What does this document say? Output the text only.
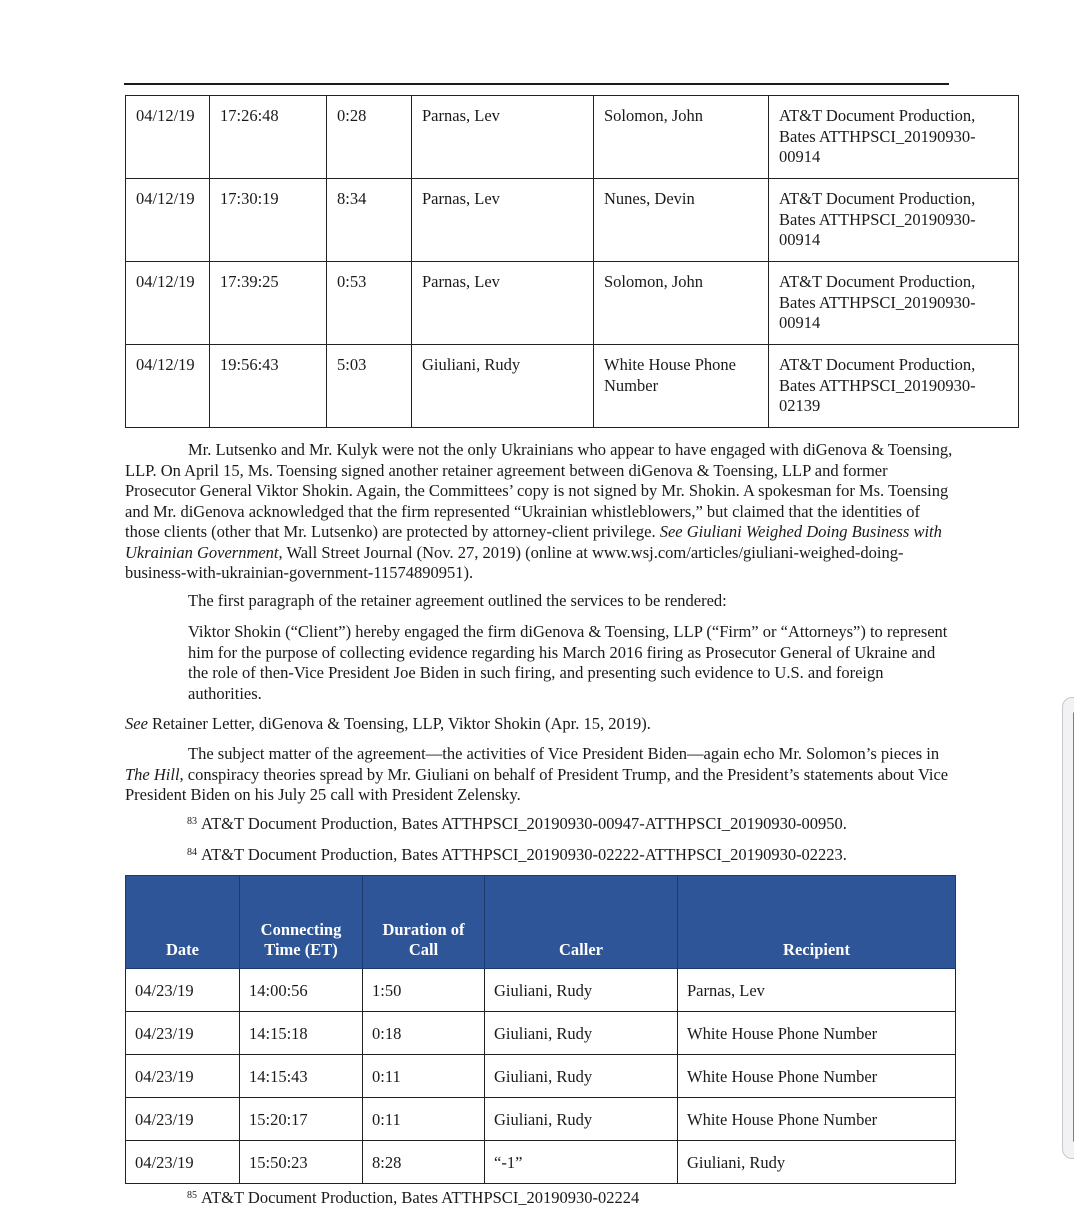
04/12/19	17:26:48	0:28	Parnas, Lev	Solomon, John	AT&T Document Production, Bates ATTHPSCI_20190930-00914
04/12/19	17:30:19	8:34	Parnas, Lev	Nunes, Devin	AT&T Document Production, Bates ATTHPSCI_20190930-00914
04/12/19	17:39:25	0:53	Parnas, Lev	Solomon, John	AT&T Document Production, Bates ATTHPSCI_20190930-00914
04/12/19	19:56:43	5:03	Giuliani, Rudy	White House Phone Number	AT&T Document Production, Bates ATTHPSCI_20190930-02139

Mr. Lutsenko and Mr. Kulyk were not the only Ukrainians who appear to have engaged with diGenova & Toensing, LLP. On April 15, Ms. Toensing signed another retainer agreement between diGenova & Toensing, LLP and former Prosecutor General Viktor Shokin. Again, the Committees’ copy is not signed by Mr. Shokin. A spokesman for Ms. Toensing and Mr. diGenova acknowledged that the firm represented “Ukrainian whistleblowers,” but claimed that the identities of those clients (other that Mr. Lutsenko) are protected by attorney-client privilege. See Giuliani Weighed Doing Business with Ukrainian Government, Wall Street Journal (Nov. 27, 2019) (online at www.wsj.com/articles/giuliani-weighed-doing-business-with-ukrainian-government-11574890951).

The first paragraph of the retainer agreement outlined the services to be rendered:

Viktor Shokin (“Client”) hereby engaged the firm diGenova & Toensing, LLP (“Firm” or “Attorneys”) to represent him for the purpose of collecting evidence regarding his March 2016 firing as Prosecutor General of Ukraine and the role of then-Vice President Joe Biden in such firing, and presenting such evidence to U.S. and foreign authorities.

See Retainer Letter, diGenova & Toensing, LLP, Viktor Shokin (Apr. 15, 2019).

The subject matter of the agreement—the activities of Vice President Biden—again echo Mr. Solomon’s pieces in The Hill, conspiracy theories spread by Mr. Giuliani on behalf of President Trump, and the President’s statements about Vice President Biden on his July 25 call with President Zelensky.

$^{83}$ AT&T Document Production, Bates ATTHPSCI_20190930-00947-ATTHPSCI_20190930-00950.

$^{84}$ AT&T Document Production, Bates ATTHPSCI_20190930-02222-ATTHPSCI_20190930-02223.

Date	Connecting Time (ET)	Duration of Call	Caller	Recipient
04/23/19	14:00:56	1:50	Giuliani, Rudy	Parnas, Lev
04/23/19	14:15:18	0:18	Giuliani, Rudy	White House Phone Number
04/23/19	14:15:43	0:11	Giuliani, Rudy	White House Phone Number
04/23/19	15:20:17	0:11	Giuliani, Rudy	White House Phone Number
04/23/19	15:50:23	8:28	“-1”	Giuliani, Rudy

$^{85}$ AT&T Document Production, Bates ATTHPSCI_20190930-02224
